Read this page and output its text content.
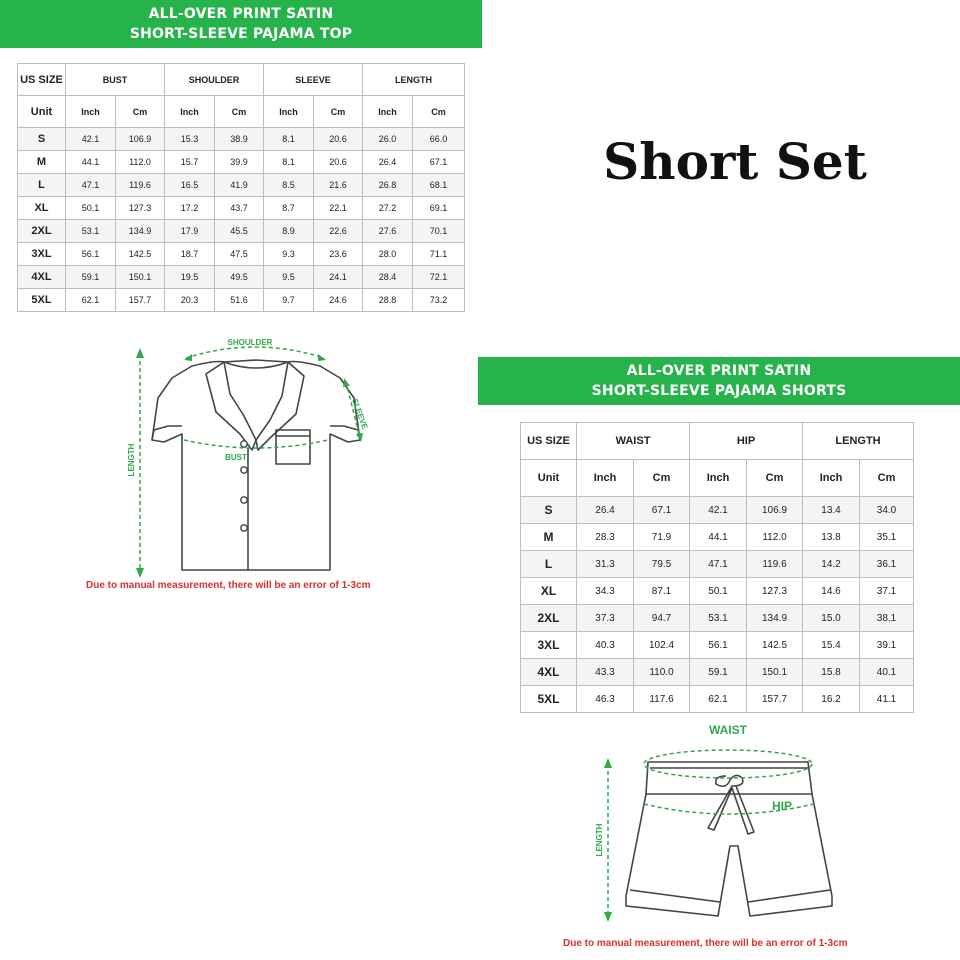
ALL-OVER PRINT SATIN
SHORT-SLEEVE PAJAMA TOP
US SIZE	BUST		SHOULDER		SLEEVE		LENGTH	
Unit	Inch	Cm	Inch	Cm	Inch	Cm	Inch	Cm
S	42.1	106.9	15.3	38.9	8.1	20.6	26.0	66.0
M	44.1	112.0	15.7	39.9	8.1	20.6	26.4	67.1
L	47.1	119.6	16.5	41.9	8.5	21.6	26.8	68.1
XL	50.1	127.3	17.2	43.7	8.7	22.1	27.2	69.1
2XL	53.1	134.9	17.9	45.5	8.9	22.6	27.6	70.1
3XL	56.1	142.5	18.7	47.5	9.3	23.6	28.0	71.1
4XL	59.1	150.1	19.5	49.5	9.5	24.1	28.4	72.1
5XL	62.1	157.7	20.3	51.6	9.7	24.6	28.8	73.2
SHOULDER
SLEEVE
BUST
LENGTH
Due to manual measurement, there will be an error of 1-3cm
Short Set
ALL-OVER PRINT SATIN
SHORT-SLEEVE PAJAMA SHORTS
US SIZE	WAIST		HIP		LENGTH	
Unit	Inch	Cm	Inch	Cm	Inch	Cm
S	26.4	67.1	42.1	106.9	13.4	34.0
M	28.3	71.9	44.1	112.0	13.8	35.1
L	31.3	79.5	47.1	119.6	14.2	36.1
XL	34.3	87.1	50.1	127.3	14.6	37.1
2XL	37.3	94.7	53.1	134.9	15.0	38.1
3XL	40.3	102.4	56.1	142.5	15.4	39.1
4XL	43.3	110.0	59.1	150.1	15.8	40.1
5XL	46.3	117.6	62.1	157.7	16.2	41.1
WAIST
HIP
LENGTH
Due to manual measurement, there will be an error of 1-3cm
